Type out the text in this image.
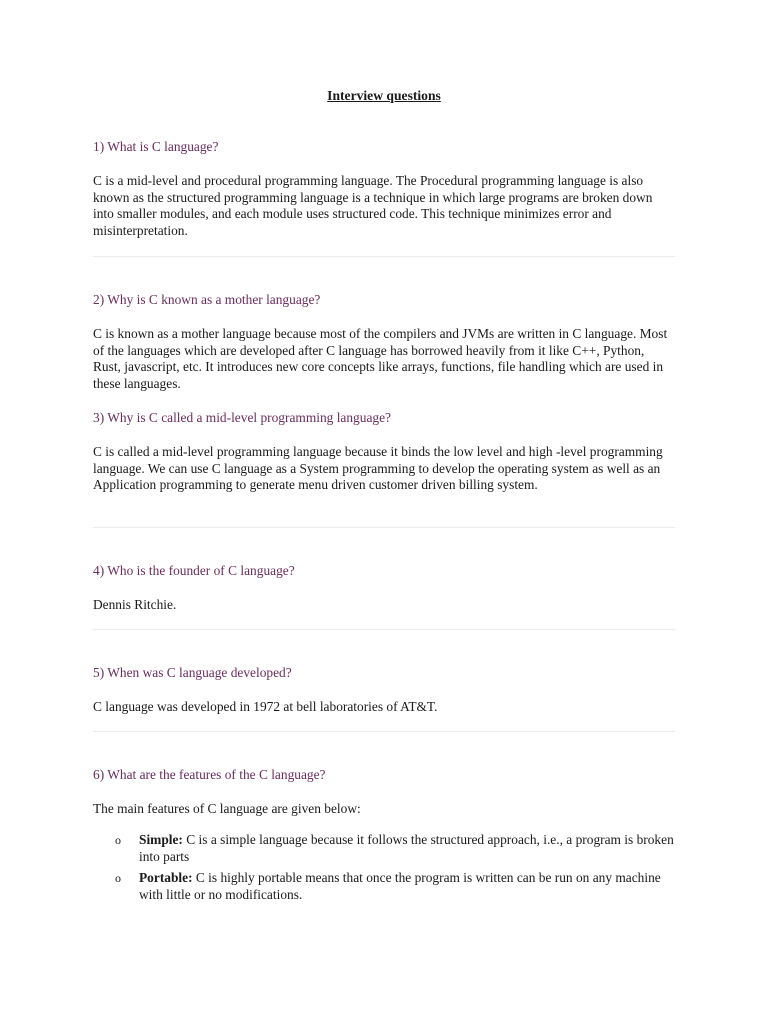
Interview questions
1) What is C language?
C is a mid-level and procedural programming language. The Procedural programming language is also known as the structured programming language is a technique in which large programs are broken down into smaller modules, and each module uses structured code. This technique minimizes error and misinterpretation.
2) Why is C known as a mother language?
C is known as a mother language because most of the compilers and JVMs are written in C language. Most of the languages which are developed after C language has borrowed heavily from it like C++, Python, Rust, javascript, etc. It introduces new core concepts like arrays, functions, file handling which are used in these languages.
3) Why is C called a mid-level programming language?
C is called a mid-level programming language because it binds the low level and high -level programming language. We can use C language as a System programming to develop the operating system as well as an Application programming to generate menu driven customer driven billing system.
4) Who is the founder of C language?
Dennis Ritchie.
5) When was C language developed?
C language was developed in 1972 at bell laboratories of AT&T.
6) What are the features of the C language?
The main features of C language are given below:
o Simple: C is a simple language because it follows the structured approach, i.e., a program is broken into parts
o Portable: C is highly portable means that once the program is written can be run on any machine with little or no modifications.
